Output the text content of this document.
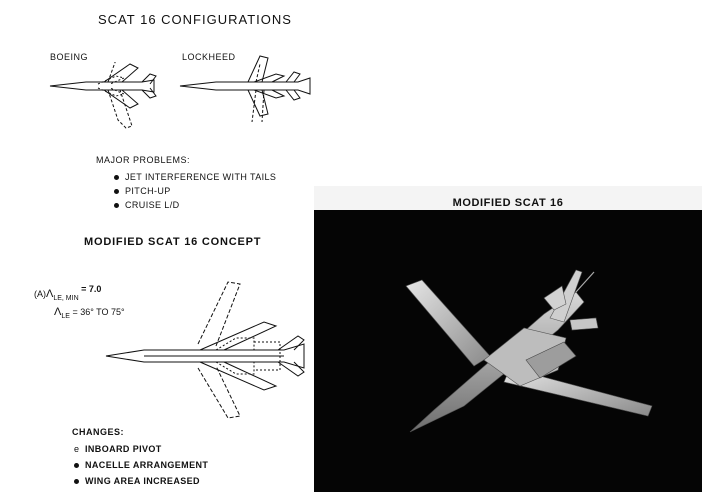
SCAT 16 CONFIGURATIONS
BOEING	LOCKHEED
MAJOR PROBLEMS:
JET INTERFERENCE WITH TAILS
PITCH-UP
CRUISE L/D
MODIFIED SCAT 16 CONCEPT
$(A)\Lambda_{LE, MIN} = 7.0$
$\Lambda_{LE} = 36^\circ$ TO 75°
CHANGES:
e INBOARD PIVOT
NACELLE ARRANGEMENT
WING AREA INCREASED
MODIFIED SCAT 16
